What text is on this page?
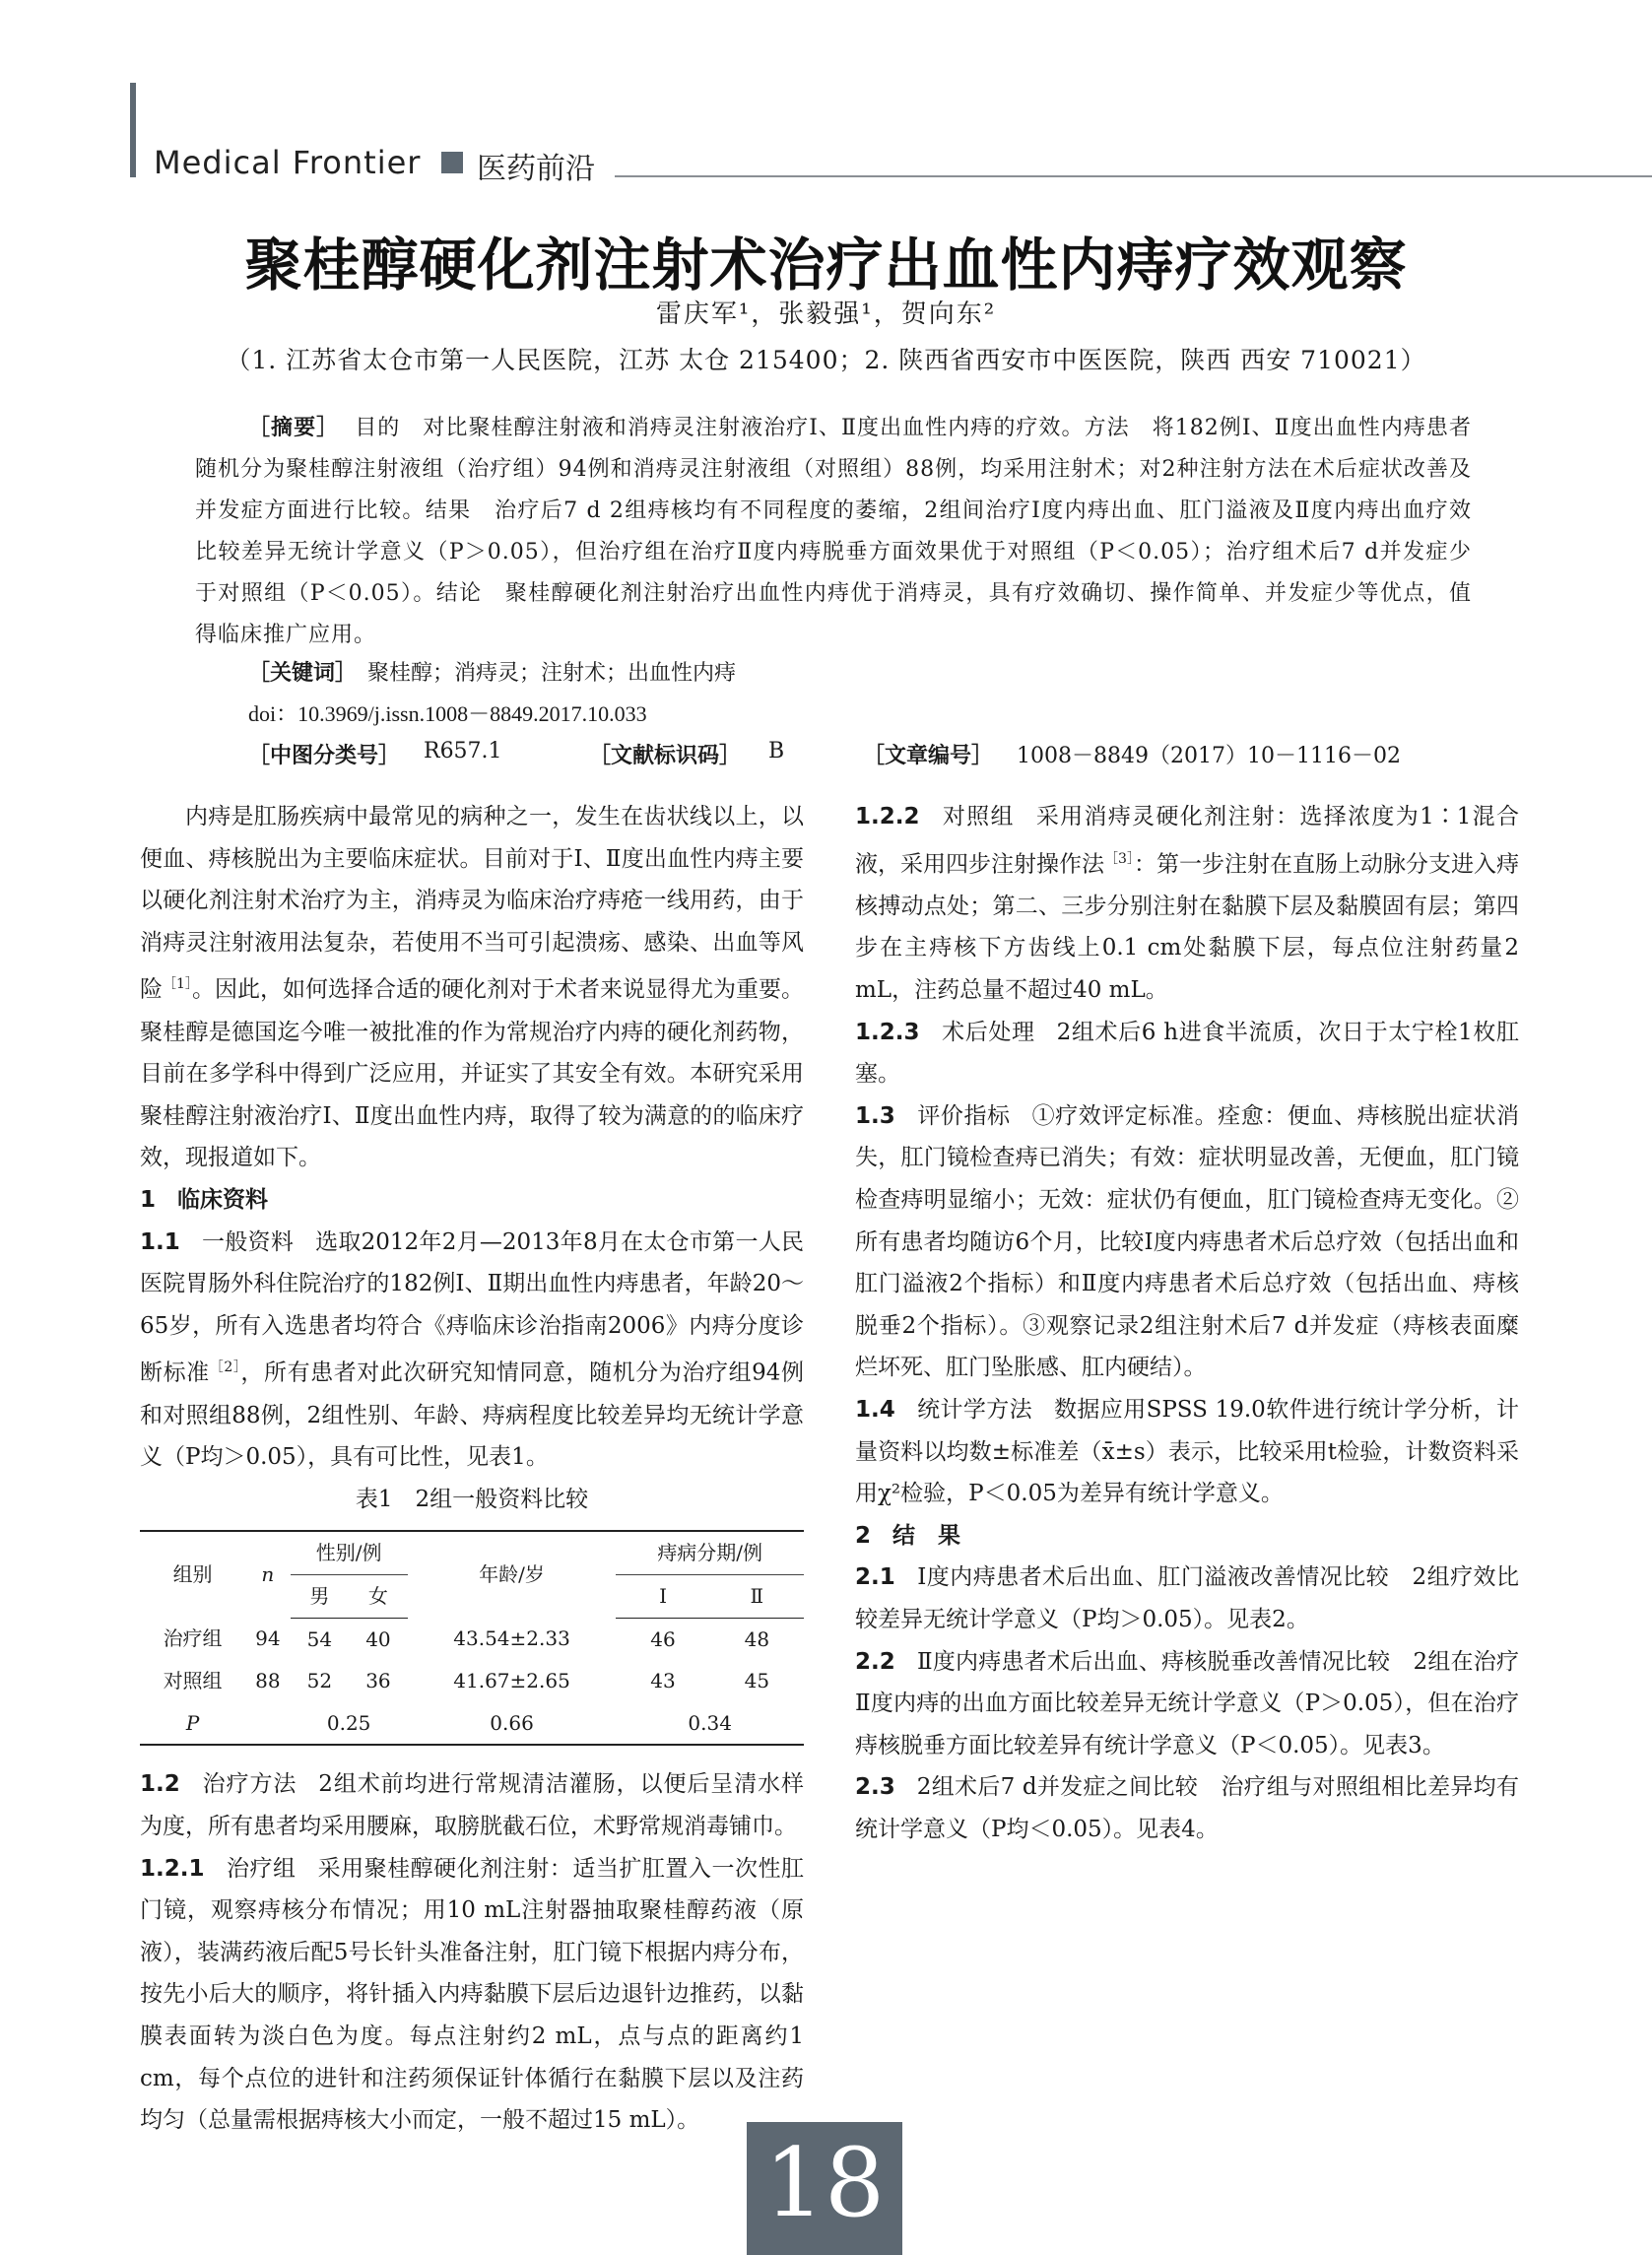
Medical Frontier 医药前沿
聚桂醇硬化剂注射术治疗出血性内痔疗效观察
雷庆军¹，张毅强¹，贺向东²
（1. 江苏省太仓市第一人民医院，江苏 太仓 215400；2. 陕西省西安市中医医院，陕西 西安 710021）
［摘要］ 目的　对比聚桂醇注射液和消痔灵注射液治疗Ⅰ、Ⅱ度出血性内痔的疗效。方法　将182例Ⅰ、Ⅱ度出血性内痔患者随机分为聚桂醇注射液组（治疗组）94例和消痔灵注射液组（对照组）88例，均采用注射术；对2种注射方法在术后症状改善及并发症方面进行比较。结果　治疗后7 d 2组痔核均有不同程度的萎缩，2组间治疗Ⅰ度内痔出血、肛门溢液及Ⅱ度内痔出血疗效比较差异无统计学意义（P＞0.05），但治疗组在治疗Ⅱ度内痔脱垂方面效果优于对照组（P＜0.05）；治疗组术后7 d并发症少于对照组（P＜0.05）。结论　聚桂醇硬化剂注射治疗出血性内痔优于消痔灵，具有疗效确切、操作简单、并发症少等优点，值得临床推广应用。
［关键词］　 聚桂醇；消痔灵；注射术；出血性内痔
doi：10.3969/j.issn.1008－8849.2017.10.033
［中图分类号］ R657.1	［文献标识码］ B	［文章编号］ 1008－8849（2017）10－1116－02

内痔是肛肠疾病中最常见的病种之一，发生在齿状线以上，以便血、痔核脱出为主要临床症状。目前对于Ⅰ、Ⅱ度出血性内痔主要以硬化剂注射术治疗为主，消痔灵为临床治疗痔疮一线用药，由于消痔灵注射液用法复杂，若使用不当可引起溃疡、感染、出血等风险$^{[1]}$。因此，如何选择合适的硬化剂对于术者来说显得尤为重要。聚桂醇是德国迄今唯一被批准的作为常规治疗内痔的硬化剂药物，目前在多学科中得到广泛应用，并证实了其安全有效。本研究采用聚桂醇注射液治疗Ⅰ、Ⅱ度出血性内痔，取得了较为满意的的临床疗效，现报道如下。

1 临床资料

1.1 一般资料 选取2012年2月—2013年8月在太仓市第一人民医院胃肠外科住院治疗的182例Ⅰ、Ⅱ期出血性内痔患者，年龄20～65岁，所有入选患者均符合《痔临床诊治指南2006》内痔分度诊断标准$^{[2]}$，所有患者对此次研究知情同意，随机分为治疗组94例和对照组88例，2组性别、年龄、痔病程度比较差异均无统计学意义（P均＞0.05），具有可比性，见表1。

表1　2组一般资料比较

组别	n	性别/例		年龄/岁	痔病分期/例	
		男	女		Ⅰ	Ⅱ
治疗组	94	54	40	43.54±2.33	46	48
对照组	88	52	36	41.67±2.65	43	45
P		0.25		0.66	0.34	

1.2 治疗方法 2组术前均进行常规清洁灌肠，以便后呈清水样为度，所有患者均采用腰麻，取膀胱截石位，术野常规消毒铺巾。

1.2.1 治疗组 采用聚桂醇硬化剂注射：适当扩肛置入一次性肛门镜，观察痔核分布情况；用10 mL注射器抽取聚桂醇药液（原液），装满药液后配5号长针头准备注射，肛门镜下根据内痔分布，按先小后大的顺序，将针插入内痔黏膜下层后边退针边推药，以黏膜表面转为淡白色为度。每点注射约2 mL，点与点的距离约1 cm，每个点位的进针和注药须保证针体循行在黏膜下层以及注药均匀（总量需根据痔核大小而定，一般不超过15 mL）。

1.2.2 对照组 采用消痔灵硬化剂注射：选择浓度为1∶1混合液，采用四步注射操作法$^{[3]}$：第一步注射在直肠上动脉分支进入痔核搏动点处；第二、三步分别注射在黏膜下层及黏膜固有层；第四步在主痔核下方齿线上0.1 cm处黏膜下层，每点位注射药量2 mL，注药总量不超过40 mL。

1.2.3 术后处理 2组术后6 h进食半流质，次日于太宁栓1枚肛塞。

1.3 评价指标 ①疗效评定标准。痊愈：便血、痔核脱出症状消失，肛门镜检查痔已消失；有效：症状明显改善，无便血，肛门镜检查痔明显缩小；无效：症状仍有便血，肛门镜检查痔无变化。②所有患者均随访6个月，比较Ⅰ度内痔患者术后总疗效（包括出血和肛门溢液2个指标）和Ⅱ度内痔患者术后总疗效（包括出血、痔核脱垂2个指标）。③观察记录2组注射术后7 d并发症（痔核表面糜烂坏死、肛门坠胀感、肛内硬结）。

1.4 统计学方法 数据应用SPSS 19.0软件进行统计学分析，计量资料以均数±标准差（x̄±s）表示，比较采用t检验，计数资料采用χ²检验，P＜0.05为差异有统计学意义。

2 结　果

2.1 Ⅰ度内痔患者术后出血、肛门溢液改善情况比较　2组疗效比较差异无统计学意义（P均＞0.05）。见表2。

2.2 Ⅱ度内痔患者术后出血、痔核脱垂改善情况比较　2组在治疗Ⅱ度内痔的出血方面比较差异无统计学意义（P＞0.05），但在治疗痔核脱垂方面比较差异有统计学意义（P＜0.05）。见表3。

2.3 2组术后7 d并发症之间比较　治疗组与对照组相比差异均有统计学意义（P均＜0.05）。见表4。

18
